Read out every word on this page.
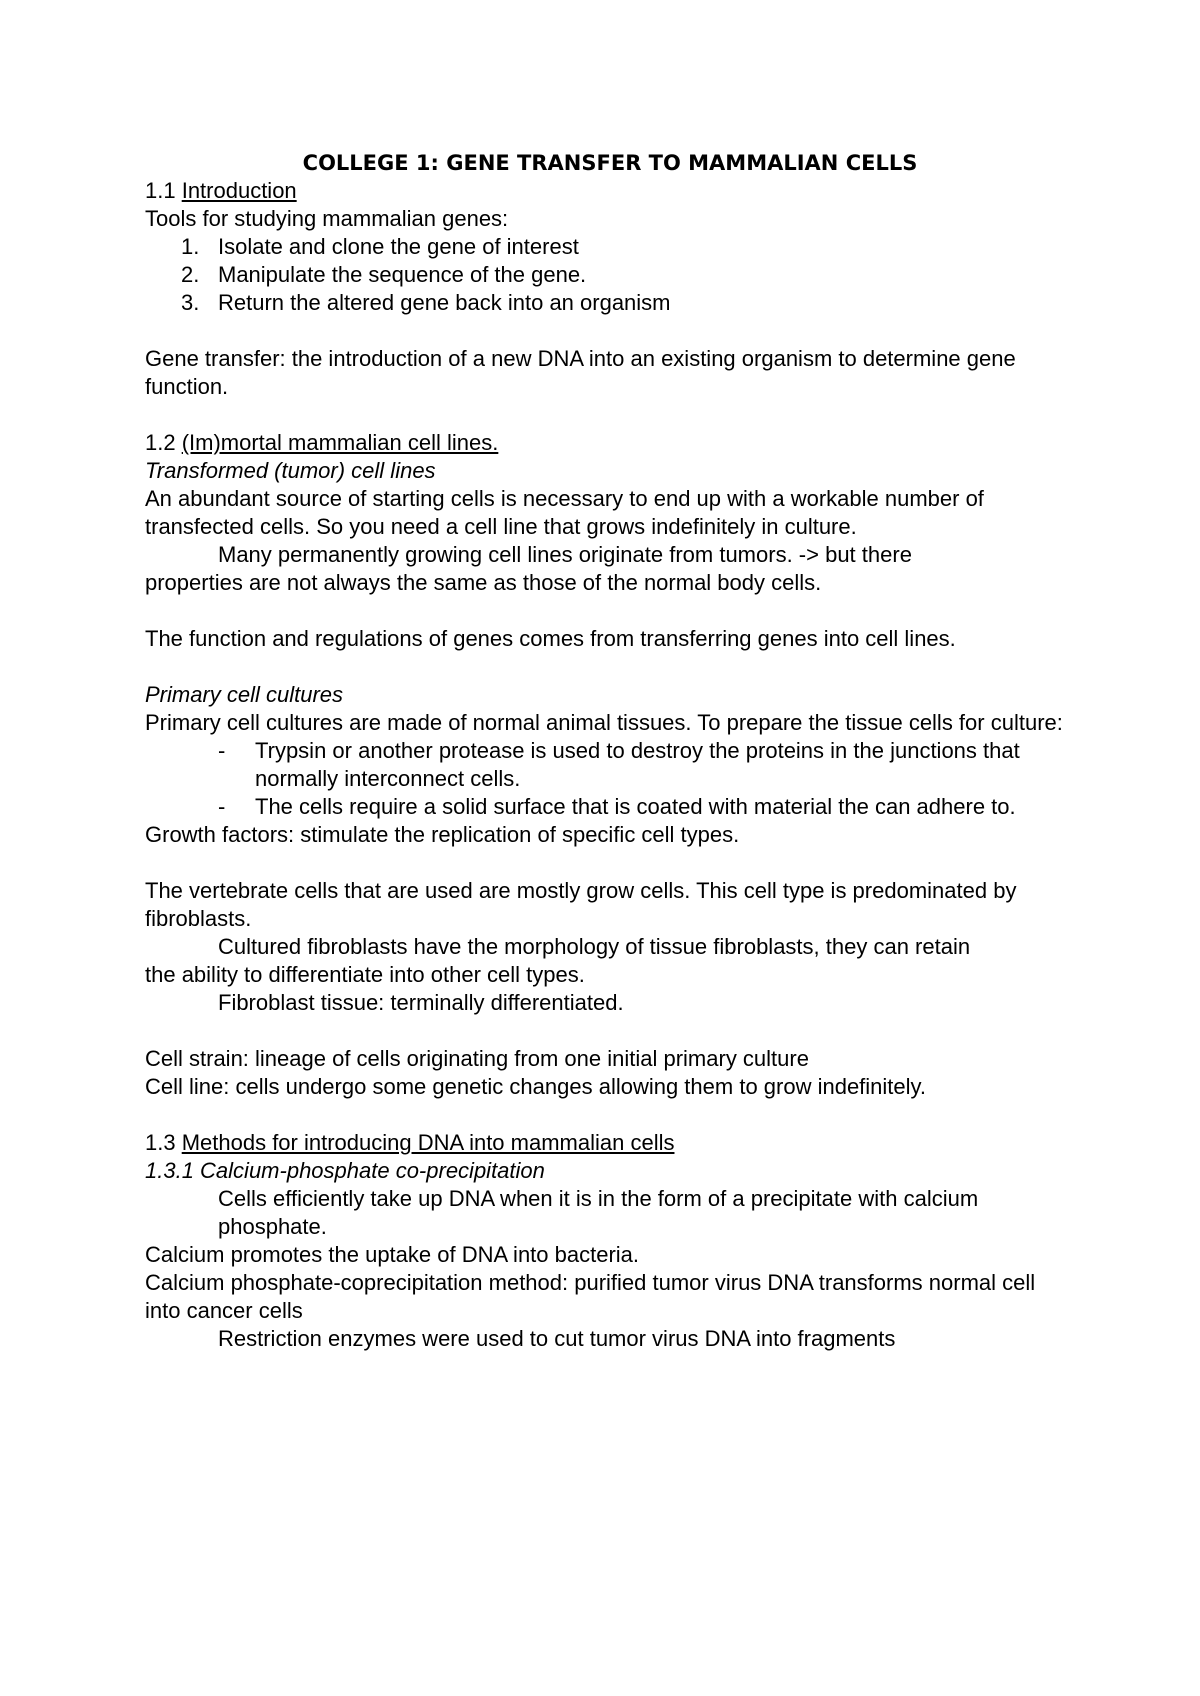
COLLEGE 1: GENE TRANSFER TO MAMMALIAN CELLS

1.1 Introduction

Tools for studying mammalian genes:

1. Isolate and clone the gene of interest
2. Manipulate the sequence of the gene.
3. Return the altered gene back into an organism

Gene transfer: the introduction of a new DNA into an existing organism to determine gene function.

1.2 (Im)mortal mammalian cell lines.

Transformed (tumor) cell lines

An abundant source of starting cells is necessary to end up with a workable number of transfected cells. So you need a cell line that grows indefinitely in culture.

Many permanently growing cell lines originate from tumors. -> but there

properties are not always the same as those of the normal body cells.

The function and regulations of genes comes from transferring genes into cell lines.

Primary cell cultures

Primary cell cultures are made of normal animal tissues. To prepare the tissue cells for culture:

- Trypsin or another protease is used to destroy the proteins in the junctions that normally interconnect cells.
- The cells require a solid surface that is coated with material the can adhere to.

Growth factors: stimulate the replication of specific cell types.

The vertebrate cells that are used are mostly grow cells. This cell type is predominated by fibroblasts.

Cultured fibroblasts have the morphology of tissue fibroblasts, they can retain

the ability to differentiate into other cell types.

Fibroblast tissue: terminally differentiated.

Cell strain: lineage of cells originating from one initial primary culture

Cell line: cells undergo some genetic changes allowing them to grow indefinitely.

1.3 Methods for introducing DNA into mammalian cells

1.3.1 Calcium-phosphate co-precipitation

Cells efficiently take up DNA when it is in the form of a precipitate with calcium

phosphate.

Calcium promotes the uptake of DNA into bacteria.

Calcium phosphate-coprecipitation method: purified tumor virus DNA transforms normal cell into cancer cells

Restriction enzymes were used to cut tumor virus DNA into fragments
